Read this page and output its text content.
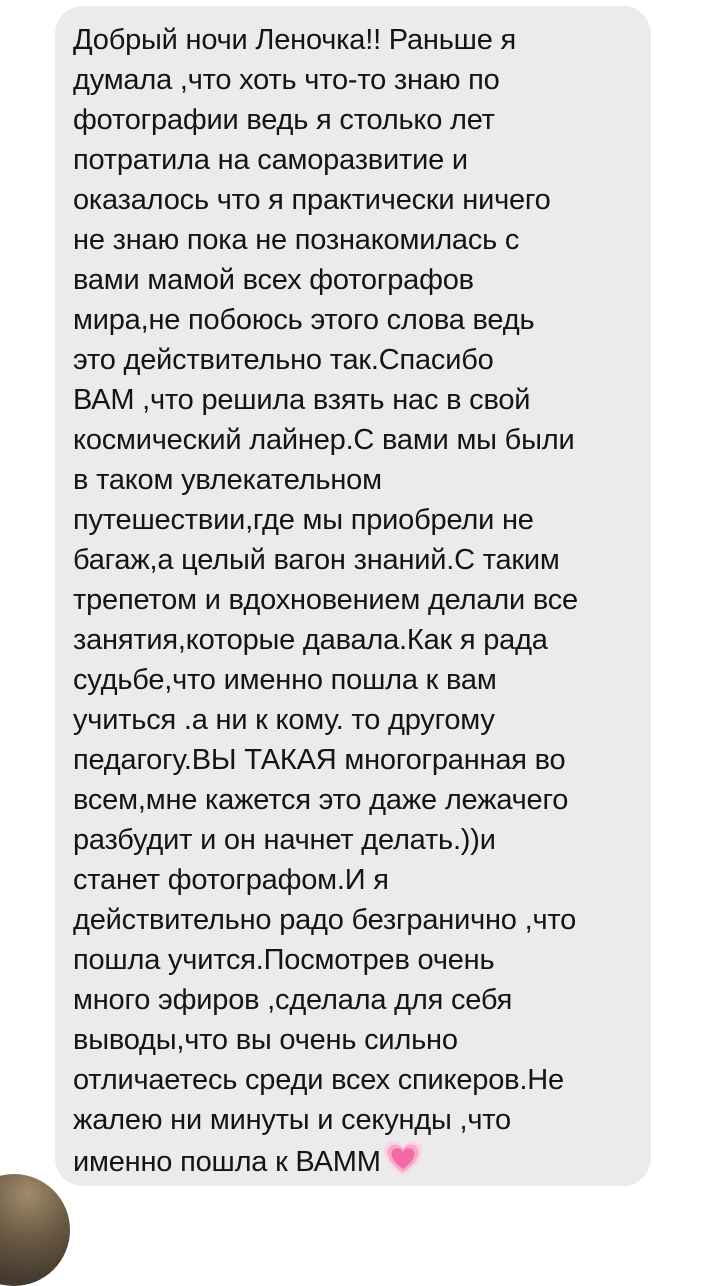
Добрый ночи Леночка!! Раньше я
думала ,что хоть что-то знаю по
фотографии ведь я столько лет
потратила на саморазвитие и
оказалось что я практически ничего
не знаю пока не познакомилась с
вами мамой всех фотографов
мира,не побоюсь этого слова ведь
это действительно так.Спасибо
ВАМ ,что решила взять нас в свой
космический лайнер.С вами мы были
в таком увлекательном
путешествии,где мы приобрели не
багаж,а целый вагон знаний.С таким
трепетом и вдохновением делали все
занятия,которые давала.Как я рада
судьбе,что именно пошла к вам
учиться .а ни к кому. то другому
педагогу.ВЫ ТАКАЯ многогранная во
всем,мне кажется это даже лежачего
разбудит и он начнет делать.))и
станет фотографом.И я
действительно радо безгранично ,что
пошла учится.Посмотрев очень
много эфиров ,сделала для себя
выводы,что вы очень сильно
отличаетесь среди всех спикеров.Не
жалею ни минуты и секунды ,что
именно пошла к ВАММ
